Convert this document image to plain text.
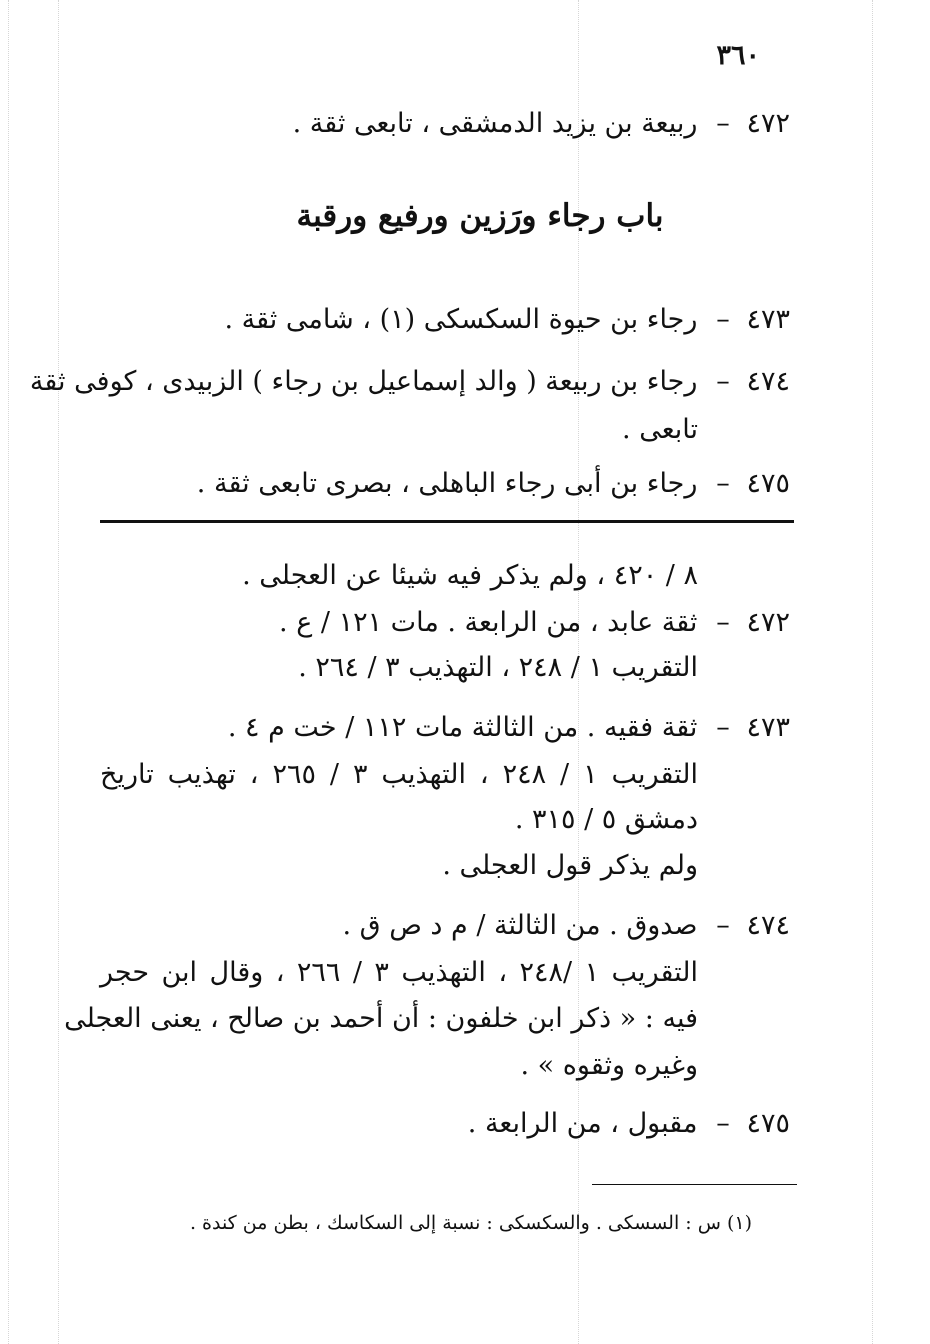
٣٦٠
٤٧٢– ربيعة بن يزيد الدمشقى ، تابعى ثقة .
باب رجاء ورَزين ورفيع ورقبة
٤٧٣– رجاء بن حيوة السكسكى (١) ، شامى ثقة .
٤٧٤– رجاء بن ربيعة ( والد إسماعيل بن رجاء ) الزبيدى ، كوفى ثقة
تابعى .
٤٧٥– رجاء بن أبى رجاء الباهلى ، بصرى تابعى ثقة .
٨ / ٤٢٠ ، ولم يذكر فيه شيئا عن العجلى .
٤٧٢– ثقة عابد ، من الرابعة . مات ١٢١ / ع .
التقريب ١ / ٢٤٨ ، التهذيب ٣ / ٢٦٤ .
٤٧٣– ثقة فقيه . من الثالثة مات ١١٢ / خت م ٤ .
التقريب ١ / ٢٤٨ ، التهذيب ٣ / ٢٦٥ ، تهذيب تاريخ
دمشق ٥ / ٣١٥ .
ولم يذكر قول العجلى .
٤٧٤– صدوق . من الثالثة / م د ص ق .
التقريب ١ /٢٤٨ ، التهذيب ٣ / ٢٦٦ ، وقال ابن حجر
فيه : « ذكر ابن خلفون : أن أحمد بن صالح ، يعنى العجلى
وغيره وثقوه » .
٤٧٥– مقبول ، من الرابعة .
(١) س : السسكى . والسكسكى : نسبة إلى السكاسك ، بطن من كندة .
